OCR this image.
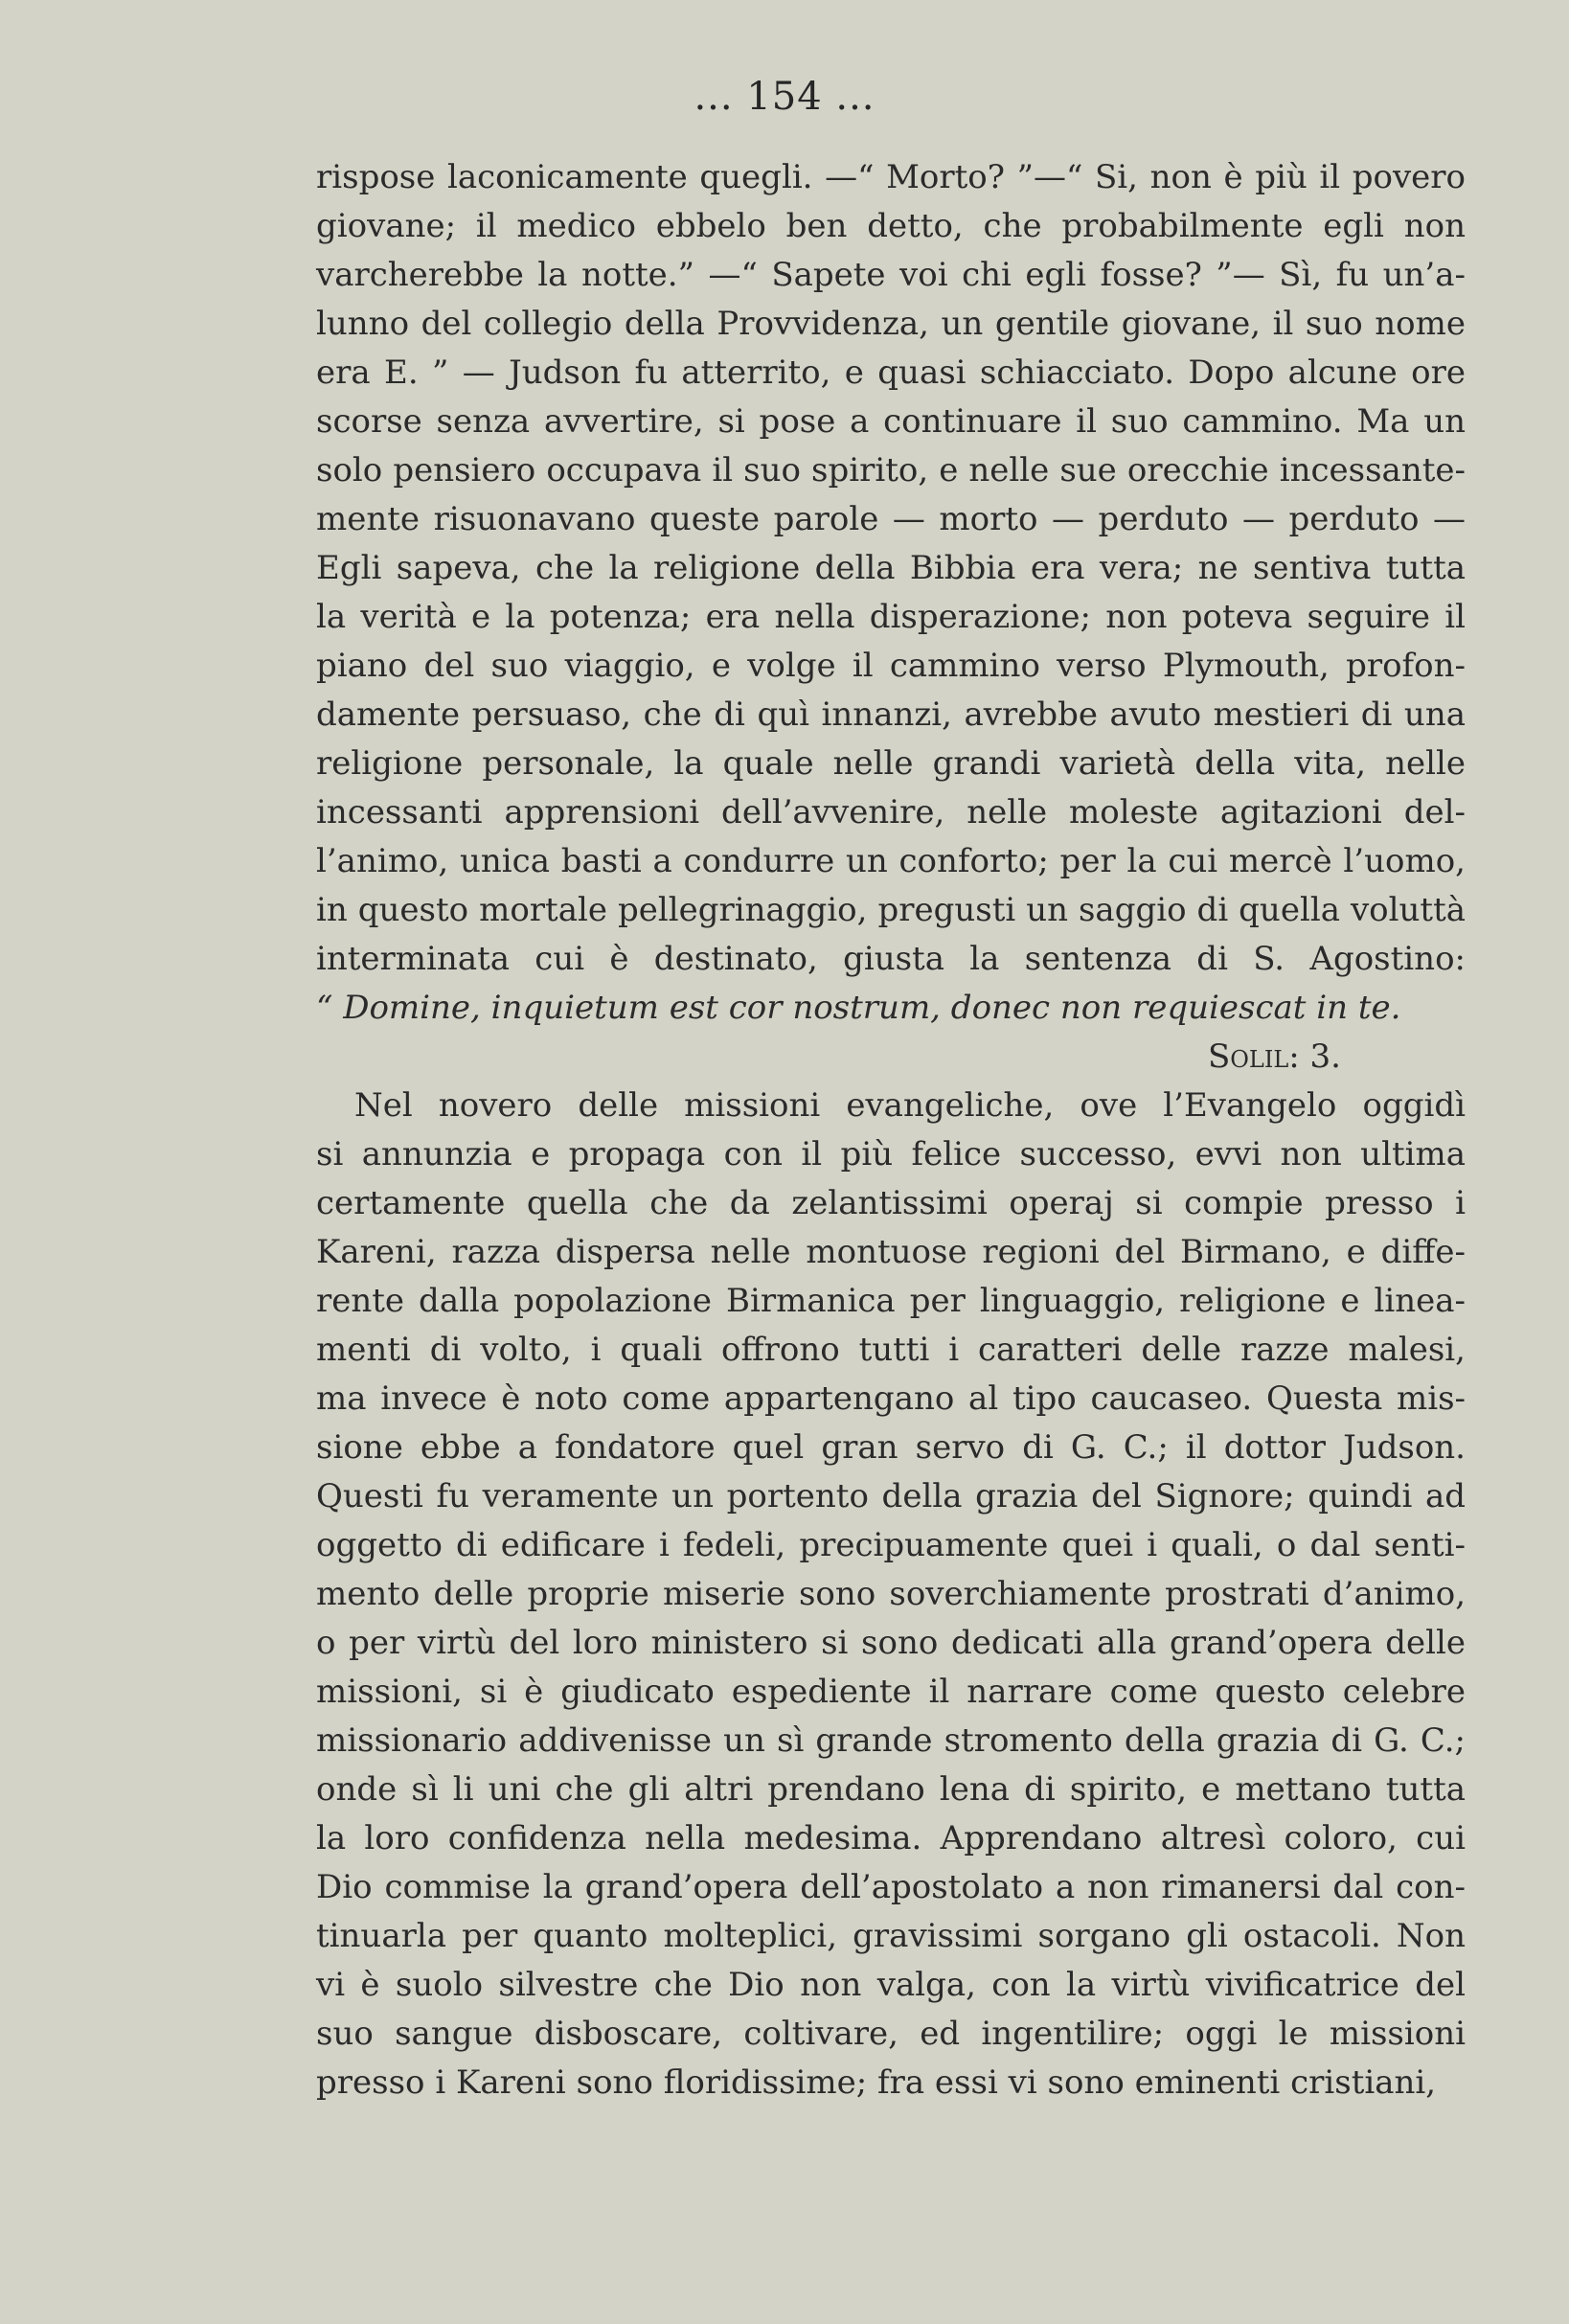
... 154 ...
rispose laconicamente quegli. —“ Morto? ”—“ Si, non è più il povero
giovane; il medico ebbelo ben detto, che probabilmente egli non
varcherebbe la notte.” —“ Sapete voi chi egli fosse? ”— Sì, fu un’a-
lunno del collegio della Provvidenza, un gentile giovane, il suo nome
era E. ” — Judson fu atterrito, e quasi schiacciato. Dopo alcune ore
scorse senza avvertire, si pose a continuare il suo cammino. Ma un
solo pensiero occupava il suo spirito, e nelle sue orecchie incessante-
mente risuonavano queste parole — morto — perduto — perduto —
Egli sapeva, che la religione della Bibbia era vera; ne sentiva tutta
la verità e la potenza; era nella disperazione; non poteva seguire il
piano del suo viaggio, e volge il cammino verso Plymouth, profon-
damente persuaso, che di quì innanzi, avrebbe avuto mestieri di una
religione personale, la quale nelle grandi varietà della vita, nelle
incessanti apprensioni dell’avvenire, nelle moleste agitazioni del-
l’animo, unica basti a condurre un conforto; per la cui mercè l’uomo,
in questo mortale pellegrinaggio, pregusti un saggio di quella voluttà
interminata cui è destinato, giusta la sentenza di S. Agostino:
“ Domine, inquietum est cor nostrum, donec non requiescat in te.
Solil: 3.
Nel novero delle missioni evangeliche, ove l’Evangelo oggidì
si annunzia e propaga con il più felice successo, evvi non ultima
certamente quella che da zelantissimi operaj si compie presso i
Kareni, razza dispersa nelle montuose regioni del Birmano, e diffe-
rente dalla popolazione Birmanica per linguaggio, religione e linea-
menti di volto, i quali offrono tutti i caratteri delle razze malesi,
ma invece è noto come appartengano al tipo caucaseo. Questa mis-
sione ebbe a fondatore quel gran servo di G. C.; il dottor Judson.
Questi fu veramente un portento della grazia del Signore; quindi ad
oggetto di edificare i fedeli, precipuamente quei i quali, o dal senti-
mento delle proprie miserie sono soverchiamente prostrati d’animo,
o per virtù del loro ministero si sono dedicati alla grand’opera delle
missioni, si è giudicato espediente il narrare come questo celebre
missionario addivenisse un sì grande stromento della grazia di G. C.;
onde sì li uni che gli altri prendano lena di spirito, e mettano tutta
la loro confidenza nella medesima. Apprendano altresì coloro, cui
Dio commise la grand’opera dell’apostolato a non rimanersi dal con-
tinuarla per quanto molteplici, gravissimi sorgano gli ostacoli. Non
vi è suolo silvestre che Dio non valga, con la virtù vivificatrice del
suo sangue disboscare, coltivare, ed ingentilire; oggi le missioni
presso i Kareni sono floridissime; fra essi vi sono eminenti cristiani,
